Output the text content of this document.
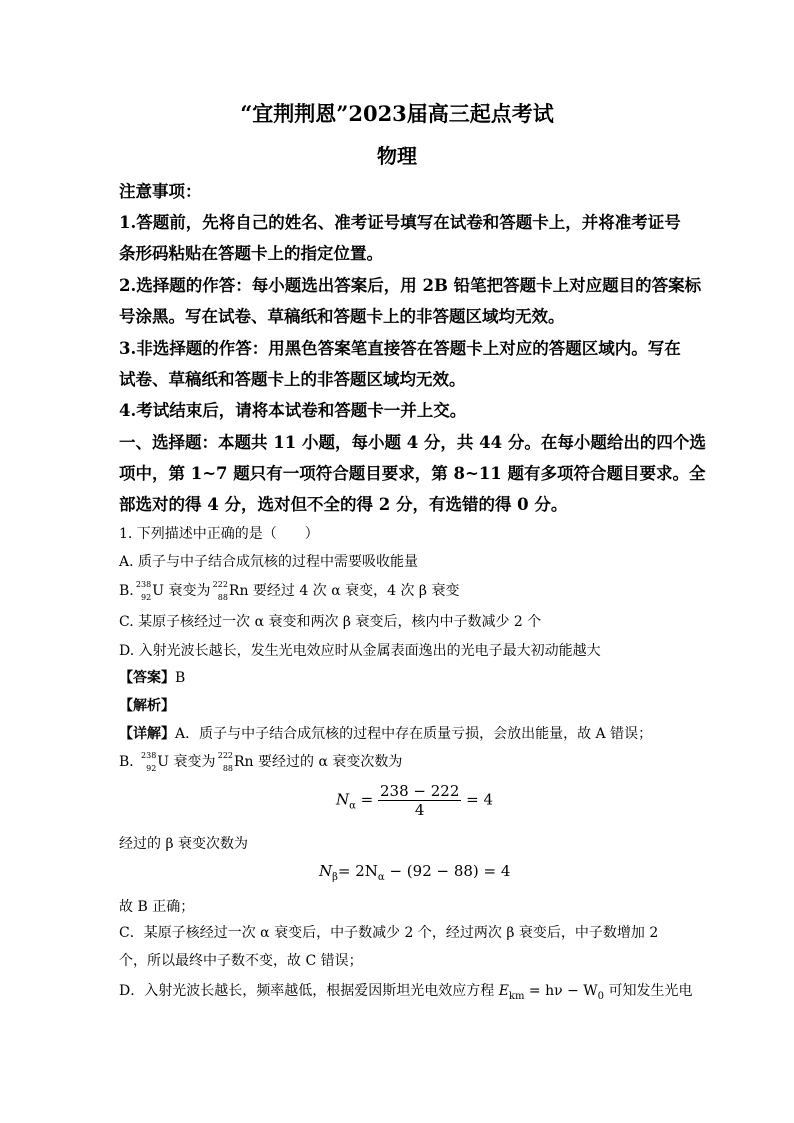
“宜荆荆恩”2023届高三起点考试
物理
注意事项：
1.答题前，先将自己的姓名、准考证号填写在试卷和答题卡上，并将准考证号
条形码粘贴在答题卡上的指定位置。
2.选择题的作答：每小题选出答案后，用 2B 铅笔把答题卡上对应题目的答案标
号涂黑。写在试卷、草稿纸和答题卡上的非答题区域均无效。
3.非选择题的作答：用黑色答案笔直接答在答题卡上对应的答题区域内。写在
试卷、草稿纸和答题卡上的非答题区域均无效。
4.考试结束后，请将本试卷和答题卡一并上交。
一、选择题：本题共 11 小题，每小题 4 分，共 44 分。在每小题给出的四个选
项中，第 1~7 题只有一项符合题目要求，第 8~11 题有多项符合题目要求。全
部选对的得 4 分，选对但不全的得 2 分，有选错的得 0 分。
1. 下列描述中正确的是（　　）
A. 质子与中子结合成氘核的过程中需要吸收能量
B.
238
92 U 衰变为
222
88 Rn 要经过 4 次 α 衰变，4 次 β 衰变
C. 某原子核经过一次 α 衰变和两次 β 衰变后，核内中子数减少 2 个
D. 入射光波长越长，发生光电效应时从金属表面逸出的光电子最大初动能越大
【答案】B
【解析】
【详解】A．质子与中子结合成氘核的过程中存在质量亏损，会放出能量，故 A 错误；
B．
238
92 U 衰变为
222
88 Rn 要经过的 α 衰变次数为
$N_\alpha = \frac{238 - 222}{4} = 4$
经过的 β 衰变次数为
$N_\beta= 2N_\alpha - (92 - 88) = 4$
故 B 正确；
C．某原子核经过一次 α 衰变后，中子数减少 2 个，经过两次 β 衰变后，中子数增加 2
个，所以最终中子数不变，故 C 错误；
D．入射光波长越长，频率越低，根据爱因斯坦光电效应方程 $E_{km} = h\nu - W_0$ 可知发生光电
